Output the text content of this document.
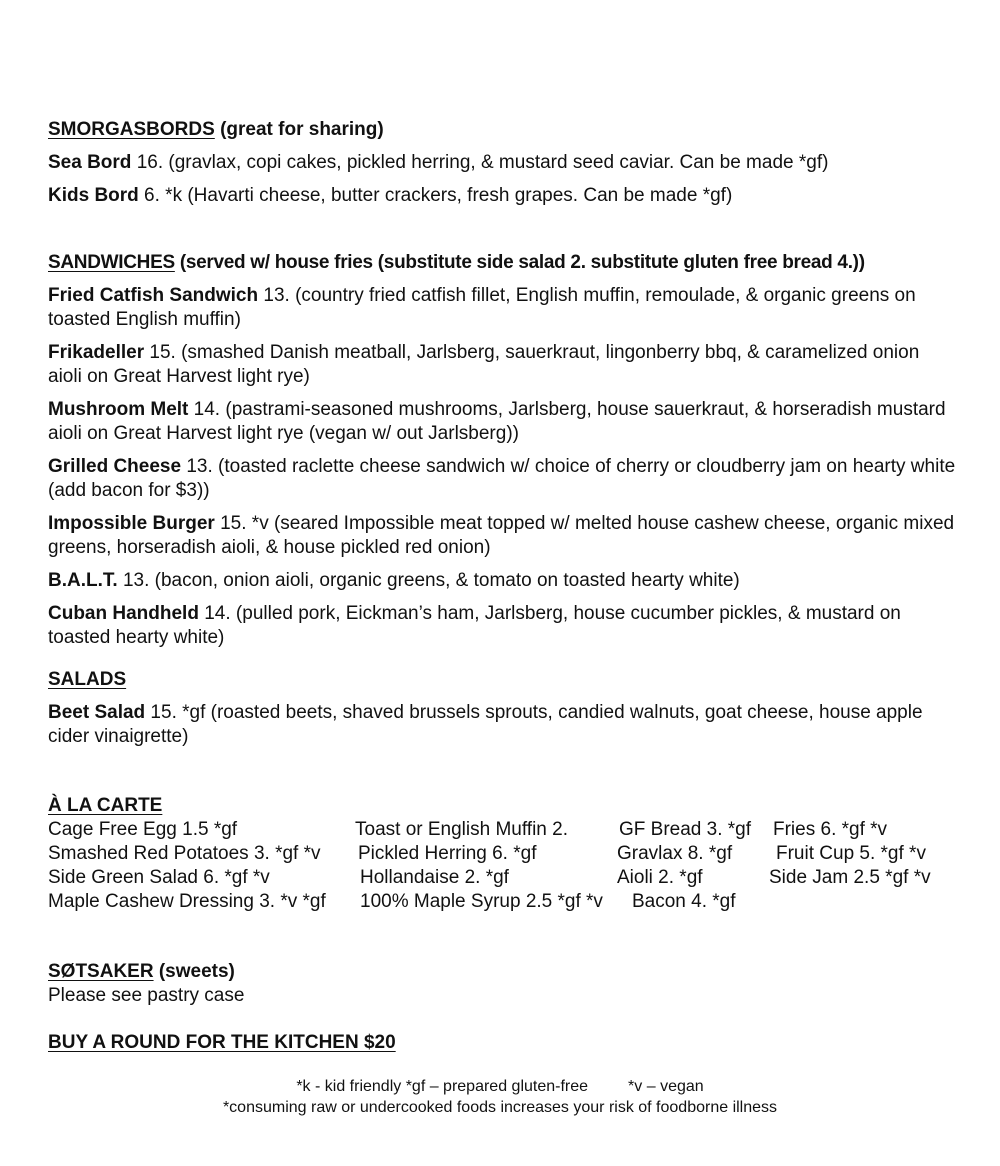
SMORGASBORDS (great for sharing)

Sea Bord 16. (gravlax, copi cakes, pickled herring, & mustard seed caviar. Can be made *gf)

Kids Bord 6. *k (Havarti cheese, butter crackers, fresh grapes. Can be made *gf)

SANDWICHES (served w/ house fries (substitute side salad 2. substitute gluten free bread 4.))

Fried Catfish Sandwich 13. (country fried catfish fillet, English muffin, remoulade, & organic greens on toasted English muffin)

Frikadeller 15. (smashed Danish meatball, Jarlsberg, sauerkraut, lingonberry bbq, & caramelized onion aioli on Great Harvest light rye)

Mushroom Melt 14. (pastrami-seasoned mushrooms, Jarlsberg, house sauerkraut, & horseradish mustard aioli on Great Harvest light rye (vegan w/ out Jarlsberg))

Grilled Cheese 13. (toasted raclette cheese sandwich w/ choice of cherry or cloudberry jam on hearty white (add bacon for $3))

Impossible Burger 15. *v (seared Impossible meat topped w/ melted house cashew cheese, organic mixed greens, horseradish aioli, & house pickled red onion)

B.A.L.T. 13. (bacon, onion aioli, organic greens, & tomato on toasted hearty white)

Cuban Handheld 14. (pulled pork, Eickman’s ham, Jarlsberg, house cucumber pickles, & mustard on toasted hearty white)

SALADS

Beet Salad 15. *gf (roasted beets, shaved brussels sprouts, candied walnuts, goat cheese, house apple cider vinaigrette)

À LA CARTE

Cage Free Egg 1.5 *gf	Toast or English Muffin 2.	GF Bread 3. *gf Fries 6. *gf *v
Smashed Red Potatoes 3. *gf *v Pickled Herring 6. *gf	Gravlax 8. *gf Fruit Cup 5. *gf *v
Side Green Salad 6. *gf *v	Hollandaise 2. *gf	Aioli 2. *gf	Side Jam 2.5 *gf *v
Maple Cashew Dressing 3. *v *gf 100% Maple Syrup 2.5 *gf *v Bacon 4. *gf

SØTSAKER (sweets)

Please see pastry case

BUY A ROUND FOR THE KITCHEN $20

*k - kid friendly *gf – prepared gluten-free         *v – vegan
*consuming raw or undercooked foods increases your risk of foodborne illness
